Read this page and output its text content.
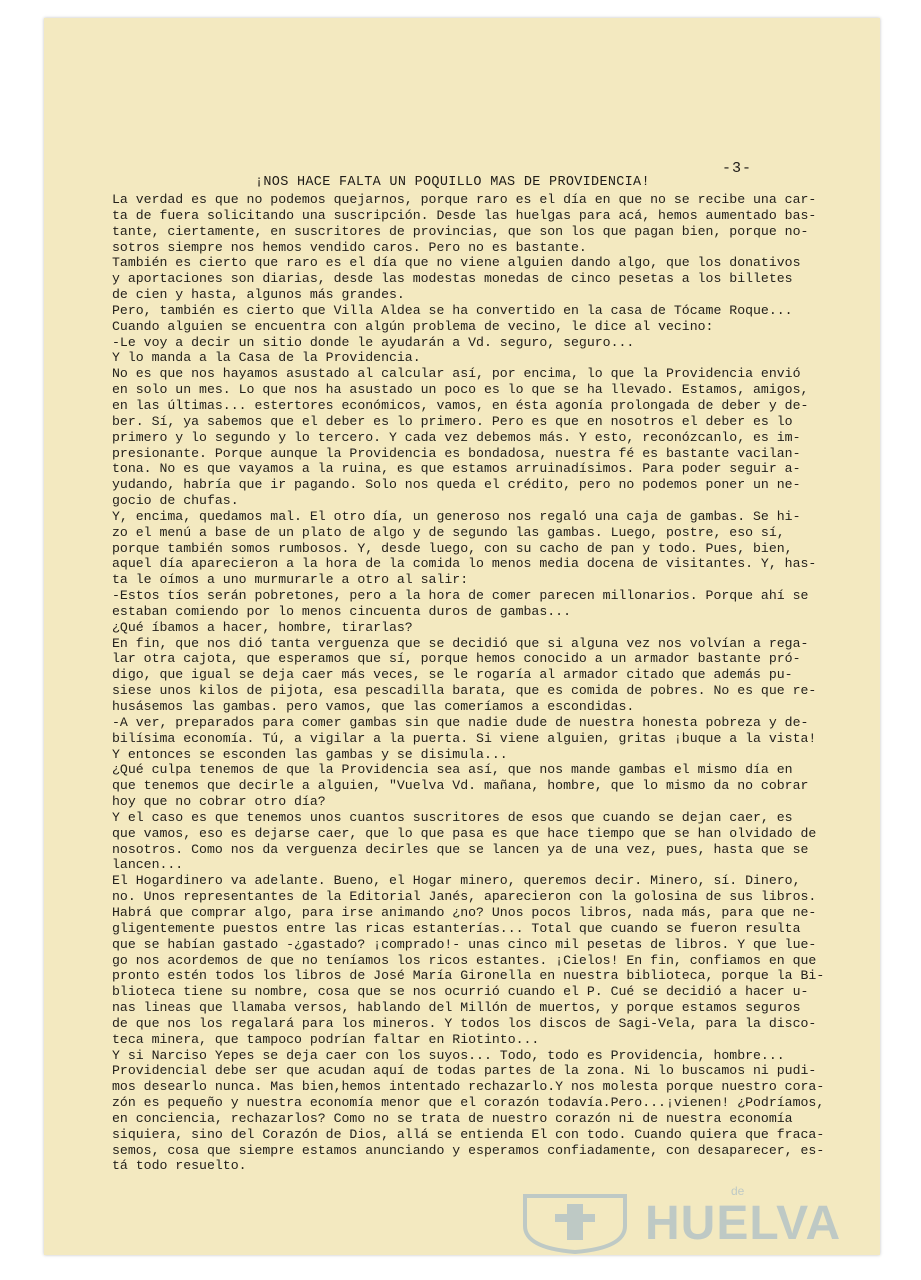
-3-
¡NOS HACE FALTA UN POQUILLO MAS DE PROVIDENCIA!
La verdad es que no podemos quejarnos, porque raro es el día en que no se recibe una car-
ta de fuera solicitando una suscripción. Desde las huelgas para acá, hemos aumentado bas-
tante, ciertamente, en suscritores de provincias, que son los que pagan bien, porque no-
sotros siempre nos hemos vendido caros. Pero no es bastante.
También es cierto que raro es el día que no viene alguien dando algo, que los donativos
y aportaciones son diarias, desde las modestas monedas de cinco pesetas a los billetes
de cien y hasta, algunos más grandes.
Pero, también es cierto que Villa Aldea se ha convertido en la casa de Tócame Roque...
Cuando alguien se encuentra con algún problema de vecino, le dice al vecino:
-Le voy a decir un sitio donde le ayudarán a Vd. seguro, seguro...
Y lo manda a la Casa de la Providencia.
No es que nos hayamos asustado al calcular así, por encima, lo que la Providencia envió
en solo un mes. Lo que nos ha asustado un poco es lo que se ha llevado. Estamos, amigos,
en las últimas... estertores económicos, vamos, en ésta agonía prolongada de deber y de-
ber. Sí, ya sabemos que el deber es lo primero. Pero es que en nosotros el deber es lo
primero y lo segundo y lo tercero. Y cada vez debemos más. Y esto, reconózcanlo, es im-
presionante. Porque aunque la Providencia es bondadosa, nuestra fé es bastante vacilan-
tona. No es que vayamos a la ruina, es que estamos arruinadísimos. Para poder seguir a-
yudando, habría que ir pagando. Solo nos queda el crédito, pero no podemos poner un ne-
gocio de chufas.
Y, encima, quedamos mal. El otro día, un generoso nos regaló una caja de gambas. Se hi-
zo el menú a base de un plato de algo y de segundo las gambas. Luego, postre, eso sí,
porque también somos rumbosos. Y, desde luego, con su cacho de pan y todo. Pues, bien,
aquel día aparecieron a la hora de la comida lo menos media docena de visitantes. Y, has-
ta le oímos a uno murmurarle a otro al salir:
-Estos tíos serán pobretones, pero a la hora de comer parecen millonarios. Porque ahí se
estaban comiendo por lo menos cincuenta duros de gambas...
¿Qué íbamos a hacer, hombre, tirarlas?
En fin, que nos dió tanta verguenza que se decidió que si alguna vez nos volvían a rega-
lar otra cajota, que esperamos que sí, porque hemos conocido a un armador bastante pró-
digo, que igual se deja caer más veces, se le rogaría al armador citado que además pu-
siese unos kilos de pijota, esa pescadilla barata, que es comida de pobres. No es que re-
husásemos las gambas. pero vamos, que las comeríamos a escondidas.
-A ver, preparados para comer gambas sin que nadie dude de nuestra honesta pobreza y de-
bilísima economía. Tú, a vigilar a la puerta. Si viene alguien, gritas ¡buque a la vista!
Y entonces se esconden las gambas y se disimula...
¿Qué culpa tenemos de que la Providencia sea así, que nos mande gambas el mismo día en
que tenemos que decirle a alguien, "Vuelva Vd. mañana, hombre, que lo mismo da no cobrar
hoy que no cobrar otro día?
Y el caso es que tenemos unos cuantos suscritores de esos que cuando se dejan caer, es
que vamos, eso es dejarse caer, que lo que pasa es que hace tiempo que se han olvidado de
nosotros. Como nos da verguenza decirles que se lancen ya de una vez, pues, hasta que se
lancen...
El Hogardinero va adelante. Bueno, el Hogar minero, queremos decir. Minero, sí. Dinero,
no. Unos representantes de la Editorial Janés, aparecieron con la golosina de sus libros.
Habrá que comprar algo, para irse animando ¿no? Unos pocos libros, nada más, para que ne-
gligentemente puestos entre las ricas estanterías... Total que cuando se fueron resulta
que se habían gastado -¿gastado? ¡comprado!- unas cinco mil pesetas de libros. Y que lue-
go nos acordemos de que no teníamos los ricos estantes. ¡Cielos! En fin, confiamos en que
pronto estén todos los libros de José María Gironella en nuestra biblioteca, porque la Bi-
blioteca tiene su nombre, cosa que se nos ocurrió cuando el P. Cué se decidió a hacer u-
nas lineas que llamaba versos, hablando del Millón de muertos, y porque estamos seguros
de que nos los regalará para los mineros. Y todos los discos de Sagi-Vela, para la disco-
teca minera, que tampoco podrían faltar en Riotinto...
Y si Narciso Yepes se deja caer con los suyos... Todo, todo es Providencia, hombre...
Providencial debe ser que acudan aquí de todas partes de la zona. Ni lo buscamos ni pudi-
mos desearlo nunca. Mas bien,hemos intentado rechazarlo.Y nos molesta porque nuestro cora-
zón es pequeño y nuestra economía menor que el corazón todavía.Pero...¡vienen! ¿Podríamos,
en conciencia, rechazarlos? Como no se trata de nuestro corazón ni de nuestra economía
siquiera, sino del Corazón de Dios, allá se entienda El con todo. Cuando quiera que fraca-
semos, cosa que siempre estamos anunciando y esperamos confiadamente, con desaparecer, es-
tá todo resuelto.
de
HUELVA
